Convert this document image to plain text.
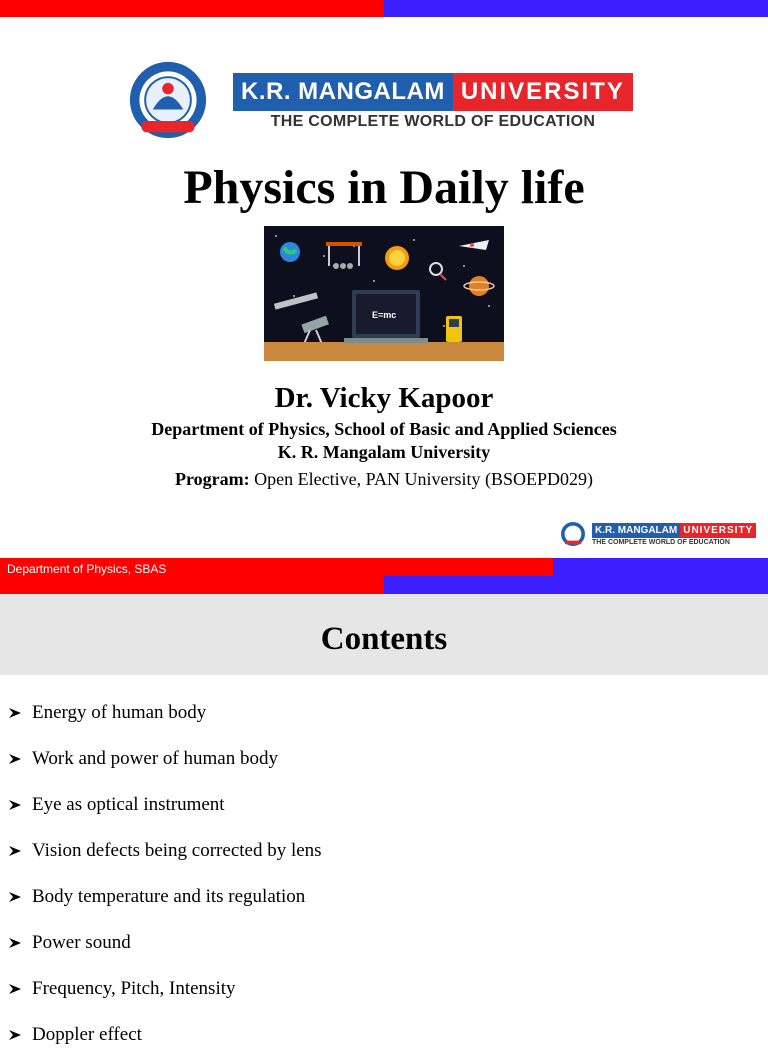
K.R. MANGALAM UNIVERSITY
THE COMPLETE WORLD OF EDUCATION
Physics in Daily life
E=mc
Dr. Vicky Kapoor
Department of Physics, School of Basic and Applied Sciences
K. R. Mangalam University
Program: Open Elective, PAN University (BSOEPD029)
K.R. MANGALAM UNIVERSITY
THE COMPLETE WORLD OF EDUCATION
Department of Physics, SBAS
Contents
Energy of human body
Work and power of human body
Eye as optical instrument
Vision defects being corrected by lens
Body temperature and its regulation
Power sound
Frequency, Pitch, Intensity
Doppler effect
